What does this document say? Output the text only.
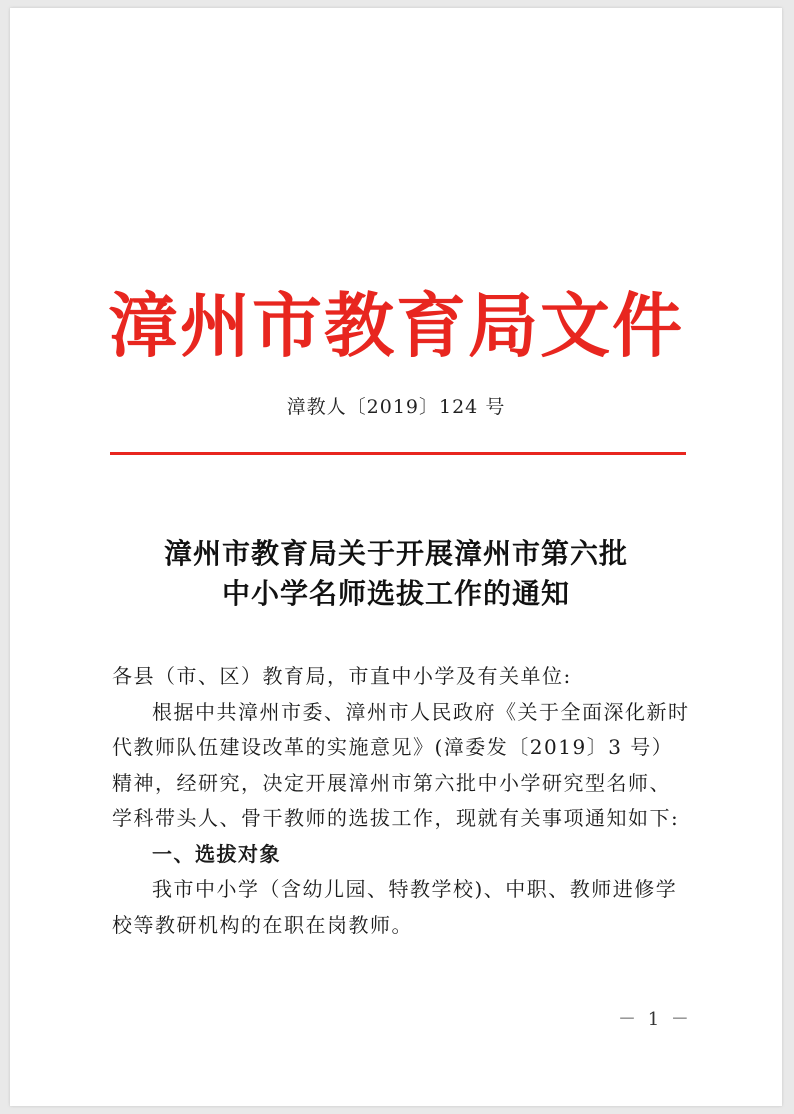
漳州市教育局文件
漳教人〔2019〕124 号
漳州市教育局关于开展漳州市第六批
中小学名师选拔工作的通知

各县（市、区）教育局，市直中小学及有关单位:

根据中共漳州市委、漳州市人民政府《关于全面深化新时代教师队伍建设改革的实施意见》(漳委发〔2019〕3 号）精神，经研究，决定开展漳州市第六批中小学研究型名师、学科带头人、骨干教师的选拔工作，现就有关事项通知如下:

一、选拔对象

我市中小学（含幼儿园、特教学校)、中职、教师进修学校等教研机构的在职在岗教师。

－ 1 －
